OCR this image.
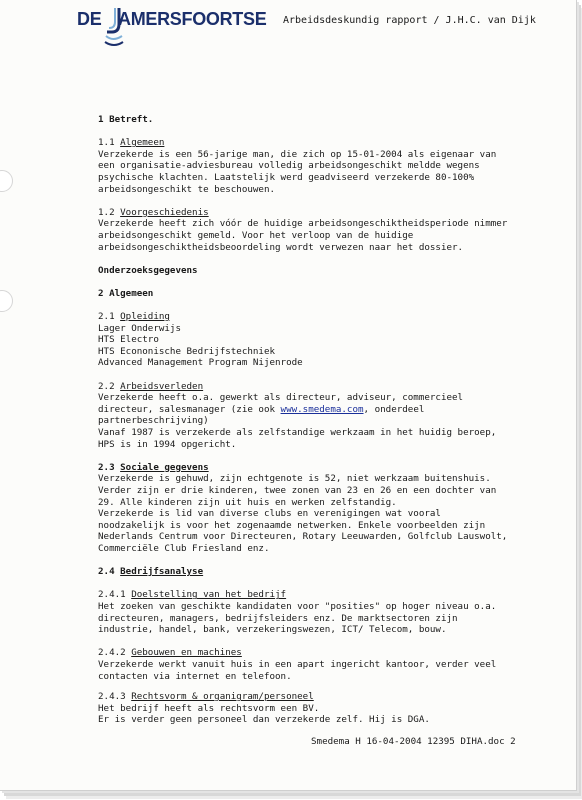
DE AMERSFOORTSE Arbeidsdeskundig rapport / J.H.C. van Dijk
1 Betreft.
1.1 Algemeen
Verzekerde is een 56-jarige man, die zich op 15-01-2004 als eigenaar van
een organisatie-adviesbureau volledig arbeidsongeschikt meldde wegens
psychische klachten. Laatstelijk werd geadviseerd verzekerde 80-100%
arbeidsongeschikt te beschouwen.
1.2 Voorgeschiedenis
Verzekerde heeft zich vóór de huidige arbeidsongeschiktheidsperiode nimmer
arbeidsongeschikt gemeld. Voor het verloop van de huidige
arbeidsongeschiktheidsbeoordeling wordt verwezen naar het dossier.
Onderzoeksgegevens
2 Algemeen
2.1 Opleiding
Lager Onderwijs
HTS Electro
HTS Econonische Bedrijfstechniek
Advanced Management Program Nijenrode
2.2 Arbeidsverleden
Verzekerde heeft o.a. gewerkt als directeur, adviseur, commercieel
directeur, salesmanager (zie ook www.smedema.com, onderdeel
partnerbeschrijving)
Vanaf 1987 is verzekerde als zelfstandige werkzaam in het huidig beroep,
HPS is in 1994 opgericht.
2.3 Sociale gegevens
Verzekerde is gehuwd, zijn echtgenote is 52, niet werkzaam buitenshuis.
Verder zijn er drie kinderen, twee zonen van 23 en 26 en een dochter van
29. Alle kinderen zijn uit huis en werken zelfstandig.
Verzekerde is lid van diverse clubs en verenigingen wat vooral
noodzakelijk is voor het zogenaamde netwerken. Enkele voorbeelden zijn
Nederlands Centrum voor Directeuren, Rotary Leeuwarden, Golfclub Lauswolt,
Commerciële Club Friesland enz.
2.4 Bedrijfsanalyse
2.4.1 Doelstelling van het bedrijf
Het zoeken van geschikte kandidaten voor "posities" op hoger niveau o.a.
directeuren, managers, bedrijfsleiders enz. De marktsectoren zijn
industrie, handel, bank, verzekeringswezen, ICT/ Telecom, bouw.
2.4.2 Gebouwen en machines
Verzekerde werkt vanuit huis in een apart ingericht kantoor, verder veel
contacten via internet en telefoon.
2.4.3 Rechtsvorm & organigram/personeel
Het bedrijf heeft als rechtsvorm een BV.
Er is verder geen personeel dan verzekerde zelf. Hij is DGA.
Smedema H 16-04-2004 12395 DIHA.doc 2
